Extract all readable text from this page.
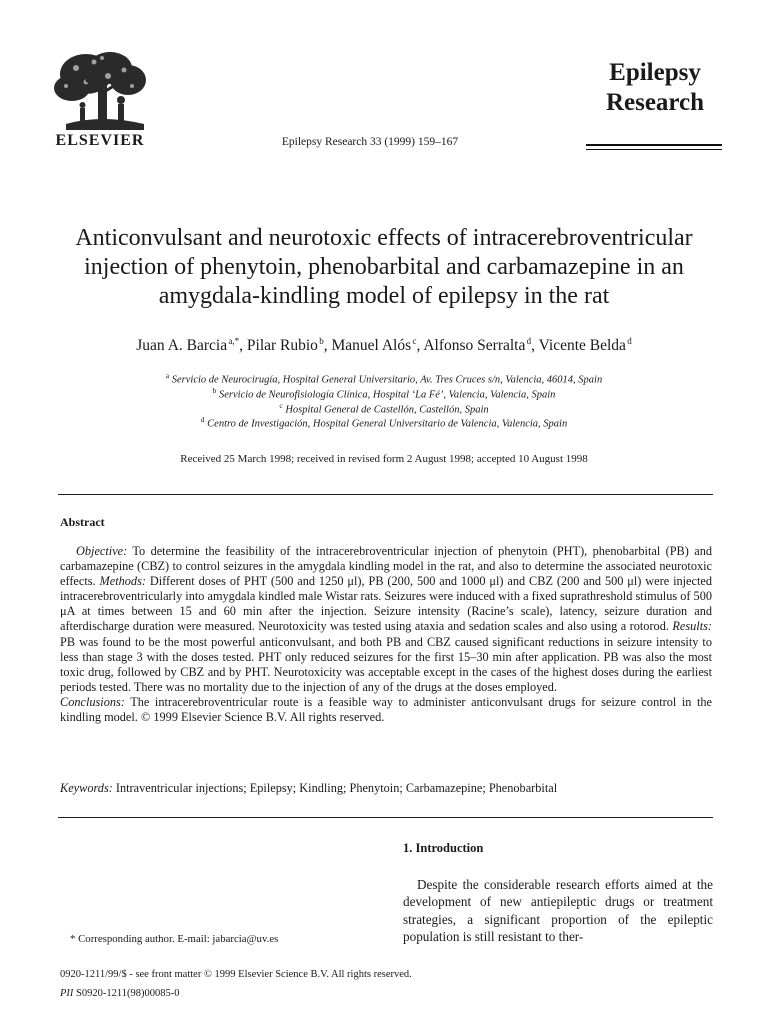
ELSEVIER	Epilepsy Research 33 (1999) 159–167
Epilepsy
Research
Anticonvulsant and neurotoxic effects of intracerebroventricular
injection of phenytoin, phenobarbital and carbamazepine in an
amygdala-kindling model of epilepsy in the rat
Juan A. Barcia $^{a,*}$, Pilar Rubio $^b$, Manuel Alós $^c$, Alfonso Serralta $^d$, Vicente Belda $^d$
$^a$ Servicio de Neurocirugía, Hospital General Universitario, Av. Tres Cruces s/n, Valencia, 46014, Spain
$^b$ Servicio de Neurofisiología Clínica, Hospital ‘La Fé’, Valencia, Valencia, Spain
$^c$ Hospital General de Castellón, Castellón, Spain
$^d$ Centro de Investigación, Hospital General Universitario de Valencia, Valencia, Spain
Received 25 March 1998; received in revised form 2 August 1998; accepted 10 August 1998
Abstract

Objective: To determine the feasibility of the intracerebroventricular injection of phenytoin (PHT), phenobarbital (PB) and carbamazepine (CBZ) to control seizures in the amygdala kindling model in the rat, and also to determine the associated neurotoxic effects. Methods: Different doses of PHT (500 and 1250 μl), PB (200, 500 and 1000 μl) and CBZ (200 and 500 μl) were injected intracerebroventricularly into amygdala kindled male Wistar rats. Seizures were induced with a fixed suprathreshold stimulus of 500 μA at times between 15 and 60 min after the injection. Seizure intensity (Racine’s scale), latency, seizure duration and afterdischarge duration were measured. Neurotoxicity was tested using ataxia and sedation scales and also using a rotorod. Results: PB was found to be the most powerful anticonvulsant, and both PB and CBZ caused significant reductions in seizure intensity to less than stage 3 with the doses tested. PHT only reduced seizures for the first 15–30 min after application. PB was also the most toxic drug, followed by CBZ and by PHT. Neurotoxicity was acceptable except in the cases of the highest doses during the earliest periods tested. There was no mortality due to the injection of any of the drugs at the doses employed.

Conclusions: The intracerebroventricular route is a feasible way to administer anticonvulsant drugs for seizure control in the kindling model. © 1999 Elsevier Science B.V. All rights reserved.

Keywords: Intraventricular injections; Epilepsy; Kindling; Phenytoin; Carbamazepine; Phenobarbital
1. Introduction

Despite the considerable research efforts aimed at the development of new antiepileptic drugs or treatment strategies, a significant proportion of the epileptic population is still resistant to ther-

* Corresponding author. E-mail: jabarcia@uv.es
0920-1211/99/$ - see front matter © 1999 Elsevier Science B.V. All rights reserved.
PII S0920-1211(98)00085-0
